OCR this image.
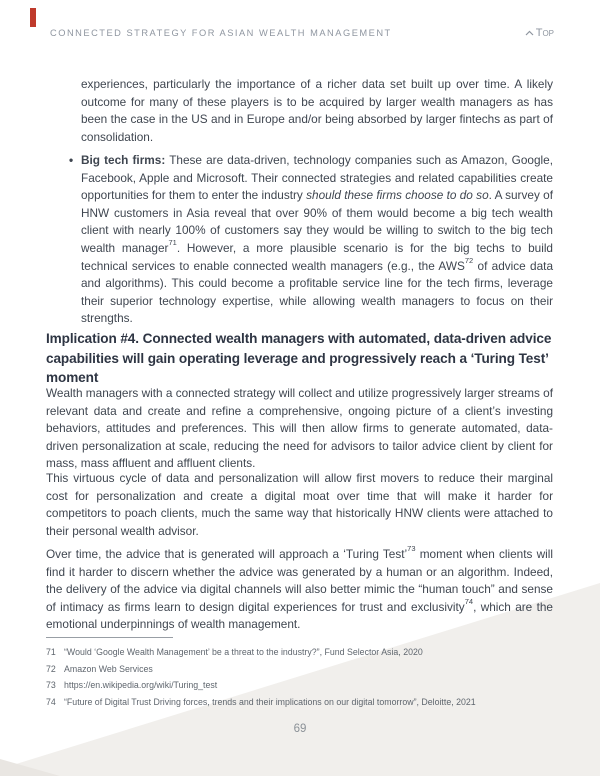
CONNECTED STRATEGY FOR ASIAN WEALTH MANAGEMENT	Top

experiences, particularly the importance of a richer data set built up over time. A likely outcome for many of these players is to be acquired by larger wealth managers as has been the case in the US and in Europe and/or being absorbed by larger fintechs as part of consolidation.

• Big tech firms: These are data-driven, technology companies such as Amazon, Google, Facebook, Apple and Microsoft. Their connected strategies and related capabilities create opportunities for them to enter the industry should these firms choose to do so. A survey of HNW customers in Asia reveal that over 90% of them would become a big tech wealth client with nearly 100% of customers say they would be willing to switch to the big tech wealth manager$^{71}$. However, a more plausible scenario is for the big techs to build technical services to enable connected wealth managers (e.g., the AWS$^{72}$ of advice data and algorithms). This could become a profitable service line for the tech firms, leverage their superior technology expertise, while allowing wealth managers to focus on their strengths.
Implication #4. Connected wealth managers with automated, data-driven advice capabilities will gain operating leverage and progressively reach a ‘Turing Test’ moment

Wealth managers with a connected strategy will collect and utilize progressively larger streams of relevant data and create and refine a comprehensive, ongoing picture of a client’s investing behaviors, attitudes and preferences. This will then allow firms to generate automated, data-driven personalization at scale, reducing the need for advisors to tailor advice client by client for mass, mass affluent and affluent clients.

This virtuous cycle of data and personalization will allow first movers to reduce their marginal cost for personalization and create a digital moat over time that will make it harder for competitors to poach clients, much the same way that historically HNW clients were attached to their personal wealth advisor.

Over time, the advice that is generated will approach a ‘Turing Test’$^{73}$ moment when clients will find it harder to discern whether the advice was generated by a human or an algorithm. Indeed, the delivery of the advice via digital channels will also better mimic the “human touch” and sense of intimacy as firms learn to design digital experiences for trust and exclusivity$^{74}$, which are the emotional underpinnings of wealth management.

71 “Would ‘Google Wealth Management’ be a threat to the industry?”, Fund Selector Asia, 2020
72 Amazon Web Services
73 https://en.wikipedia.org/wiki/Turing_test
74 “Future of Digital Trust Driving forces, trends and their implications on our digital tomorrow”, Deloitte, 2021
69
